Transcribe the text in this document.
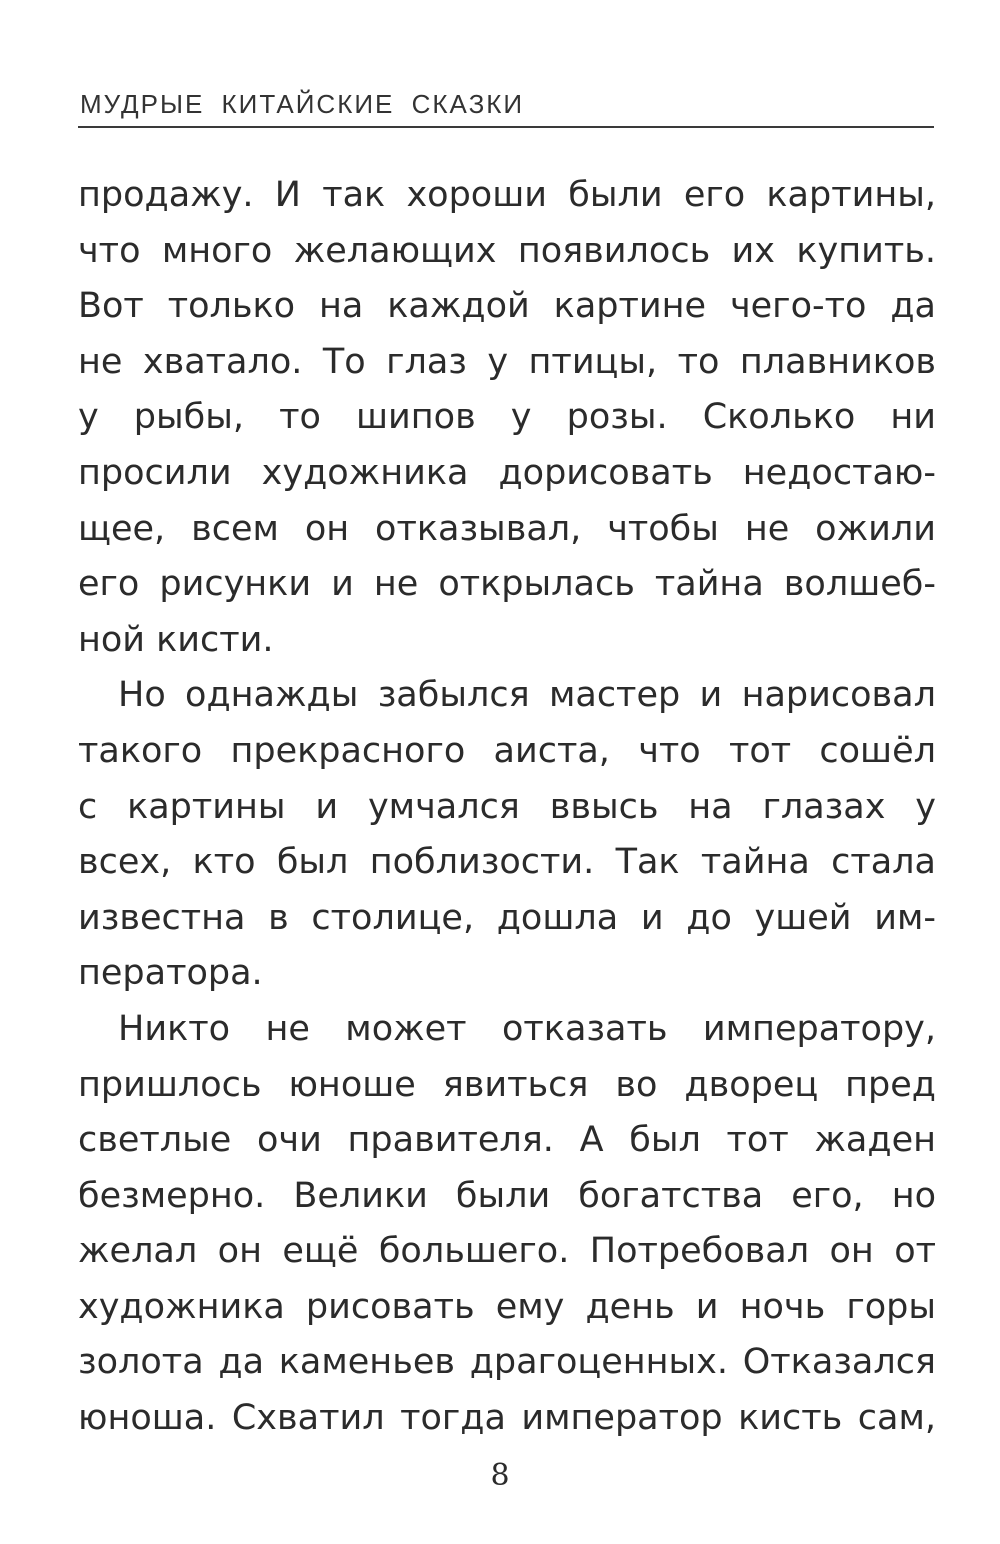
МУДРЫЕ КИТАЙСКИЕ СКАЗКИ

продажу. И так хороши были его картины,
что много желающих появилось их купить.
Вот только на каждой картине чего-то да
не хватало. То глаз у птицы, то плавников
у рыбы, то шипов у розы. Сколько ни
просили художника дорисовать недостаю-
щее, всем он отказывал, чтобы не ожили
его рисунки и не открылась тайна волшеб-
ной кисти.

Но однажды забылся мастер и нарисовал
такого прекрасного аиста, что тот сошёл
с картины и умчался ввысь на глазах у
всех, кто был поблизости. Так тайна стала
известна в столице, дошла и до ушей им-
ператора.

Никто не может отказать императору,
пришлось юноше явиться во дворец пред
светлые очи правителя. А был тот жаден
безмерно. Велики были богатства его, но
желал он ещё большего. Потребовал он от
художника рисовать ему день и ночь горы
золота да каменьев драгоценных. Отказался
юноша. Схватил тогда император кисть сам,

8
